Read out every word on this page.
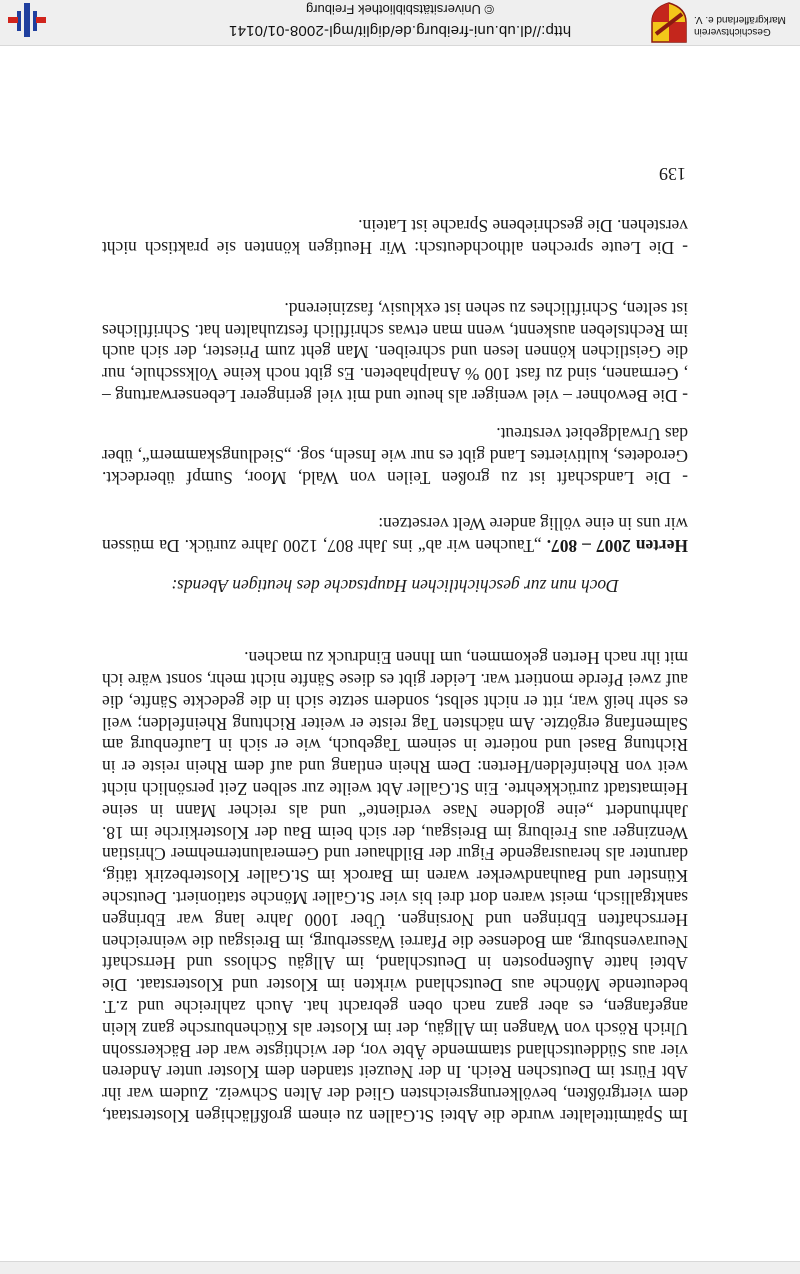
Im Spätmittelalter wurde die Abtei St.Gallen zu einem großflächigen Klosterstaat, dem viertgrößten, bevölkerungsreichsten Glied der Alten Schweiz. Zudem war ihr Abt Fürst im Deutschen Reich. In der Neuzeit standen dem Kloster unter Anderen vier aus Süddeutschland stammende Äbte vor, der wichtigste war der Bäckerssohn Ulrich Rösch von Wangen im Allgäu, der im Kloster als Küchenbursche ganz klein angefangen, es aber ganz nach oben gebracht hat. Auch zahlreiche und z.T. bedeutende Mönche aus Deutschland wirkten im Kloster und Klosterstaat. Die Abtei hatte Außenposten in Deutschland, im Allgäu Schloss und Herrschaft Neuravensburg, am Bodensee die Pfarrei Wasserburg, im Breisgau die weinreichen Herrschaften Ebringen und Norsingen. Über 1000 Jahre lang war Ebringen sanktgallisch, meist waren dort drei bis vier St.Galler Mönche stationiert. Deutsche Künstler und Bauhandwerker waren im Barock im St.Galler Klosterbezirk tätig, darunter als herausragende Figur der Bildhauer und Gemeralunternehmer Christian Wenzinger aus Freiburg im Breisgau, der sich beim Bau der Klosterkirche im 18. Jahrhundert „eine goldene Nase verdiente“ und als reicher Mann in seine Heimatstadt zurückkehrte. Ein St.Galler Abt weilte zur selben Zeit persönlich nicht weit von Rheinfelden/Herten: Dem Rhein entlang und auf dem Rhein reiste er in Richtung Basel und notierte in seinem Tagebuch, wie er sich in Laufenburg am Salmenfang ergötzte. Am nächsten Tag reiste er weiter Richtung Rheinfelden; weil es sehr heiß war, ritt er nicht selbst, sondern setzte sich in die gedeckte Sänfte, die auf zwei Pferde montiert war. Leider gibt es diese Sänfte nicht mehr, sonst wäre ich mit ihr nach Herten gekommen, um Ihnen Eindruck zu machen.

Doch nun zur geschichtlichen Hauptsache des heutigen Abends:

Herten 2007 – 807. „Tauchen wir ab“ ins Jahr 807, 1200 Jahre zurück. Da müssen wir uns in eine völlig andere Welt versetzen:

- Die Landschaft ist zu großen Teilen von Wald, Moor, Sumpf überdeckt. Gerodetes, kultiviertes Land gibt es nur wie Inseln, sog. „Siedlungskammern“, über das Urwaldgebiet verstreut.

- Die Bewohner – viel weniger als heute und mit viel geringerer Lebenserwartung – , Germanen, sind zu fast 100 % Analphabeten. Es gibt noch keine Volksschule, nur die Geistlichen können lesen und schreiben. Man geht zum Priester, der sich auch im Rechtsleben auskennt, wenn man etwas schriftlich festzuhalten hat. Schriftliches ist selten, Schriftliches zu sehen ist exklusiv, faszinierend.

- Die Leute sprechen althochdeutsch: Wir Heutigen könnten sie praktisch nicht verstehen. Die geschriebene Sprache ist Latein.

139
http://dl.ub.uni-freiburg.de/diglit/mgl-2008-01/0141
© Universitätsbibliothek Freiburg
Geschichtsverein
Markgräflerland e. V.
